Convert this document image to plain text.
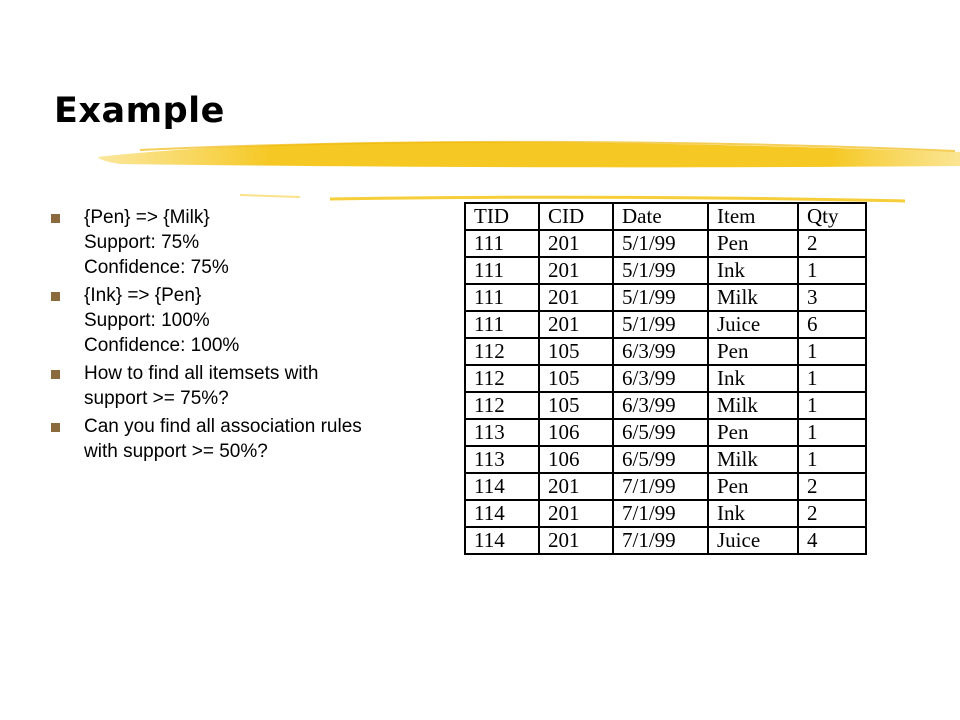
Example
{Pen} => {Milk}
Support: 75%
Confidence: 75%
{Ink} => {Pen}
Support: 100%
Confidence: 100%
How to find all itemsets with
support >= 75%?
Can you find all association rules
with support >= 50%?
TID	CID	Date	Item	Qty
111	201	5/1/99	Pen	2
111	201	5/1/99	Ink	1
111	201	5/1/99	Milk	3
111	201	5/1/99	Juice	6
112	105	6/3/99	Pen	1
112	105	6/3/99	Ink	1
112	105	6/3/99	Milk	1
113	106	6/5/99	Pen	1
113	106	6/5/99	Milk	1
114	201	7/1/99	Pen	2
114	201	7/1/99	Ink	2
114	201	7/1/99	Juice	4
